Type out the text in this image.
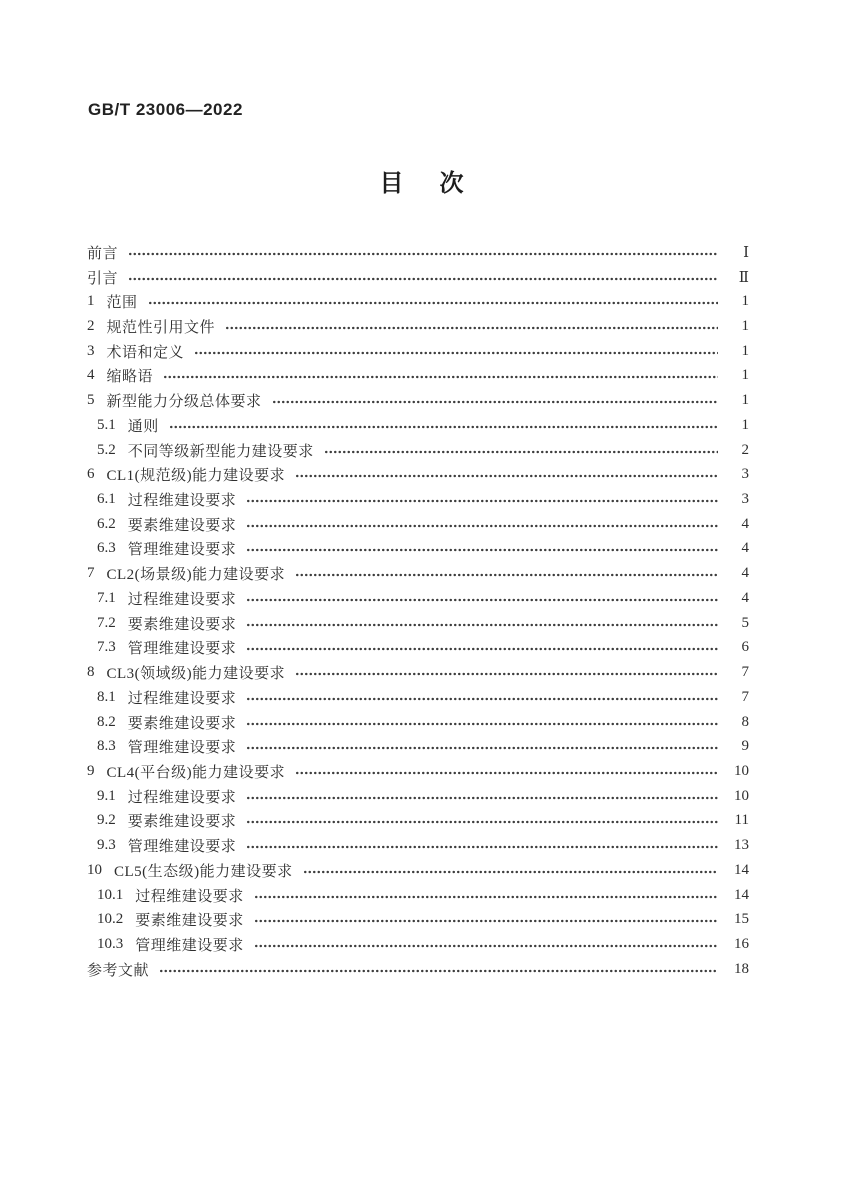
GB/T 23006—2022
目　次
前言	Ⅰ
引言	Ⅱ
1 范围	1
2 规范性引用文件	1
3 术语和定义	1
4 缩略语	1
5 新型能力分级总体要求	1
5.1 通则	1
5.2 不同等级新型能力建设要求	2
6 CL1(规范级)能力建设要求	3
6.1 过程维建设要求	3
6.2 要素维建设要求	4
6.3 管理维建设要求	4
7 CL2(场景级)能力建设要求	4
7.1 过程维建设要求	4
7.2 要素维建设要求	5
7.3 管理维建设要求	6
8 CL3(领域级)能力建设要求	7
8.1 过程维建设要求	7
8.2 要素维建设要求	8
8.3 管理维建设要求	9
9 CL4(平台级)能力建设要求	10
9.1 过程维建设要求	10
9.2 要素维建设要求	11
9.3 管理维建设要求	13
10 CL5(生态级)能力建设要求	14
10.1 过程维建设要求	14
10.2 要素维建设要求	15
10.3 管理维建设要求	16
参考文献	18
